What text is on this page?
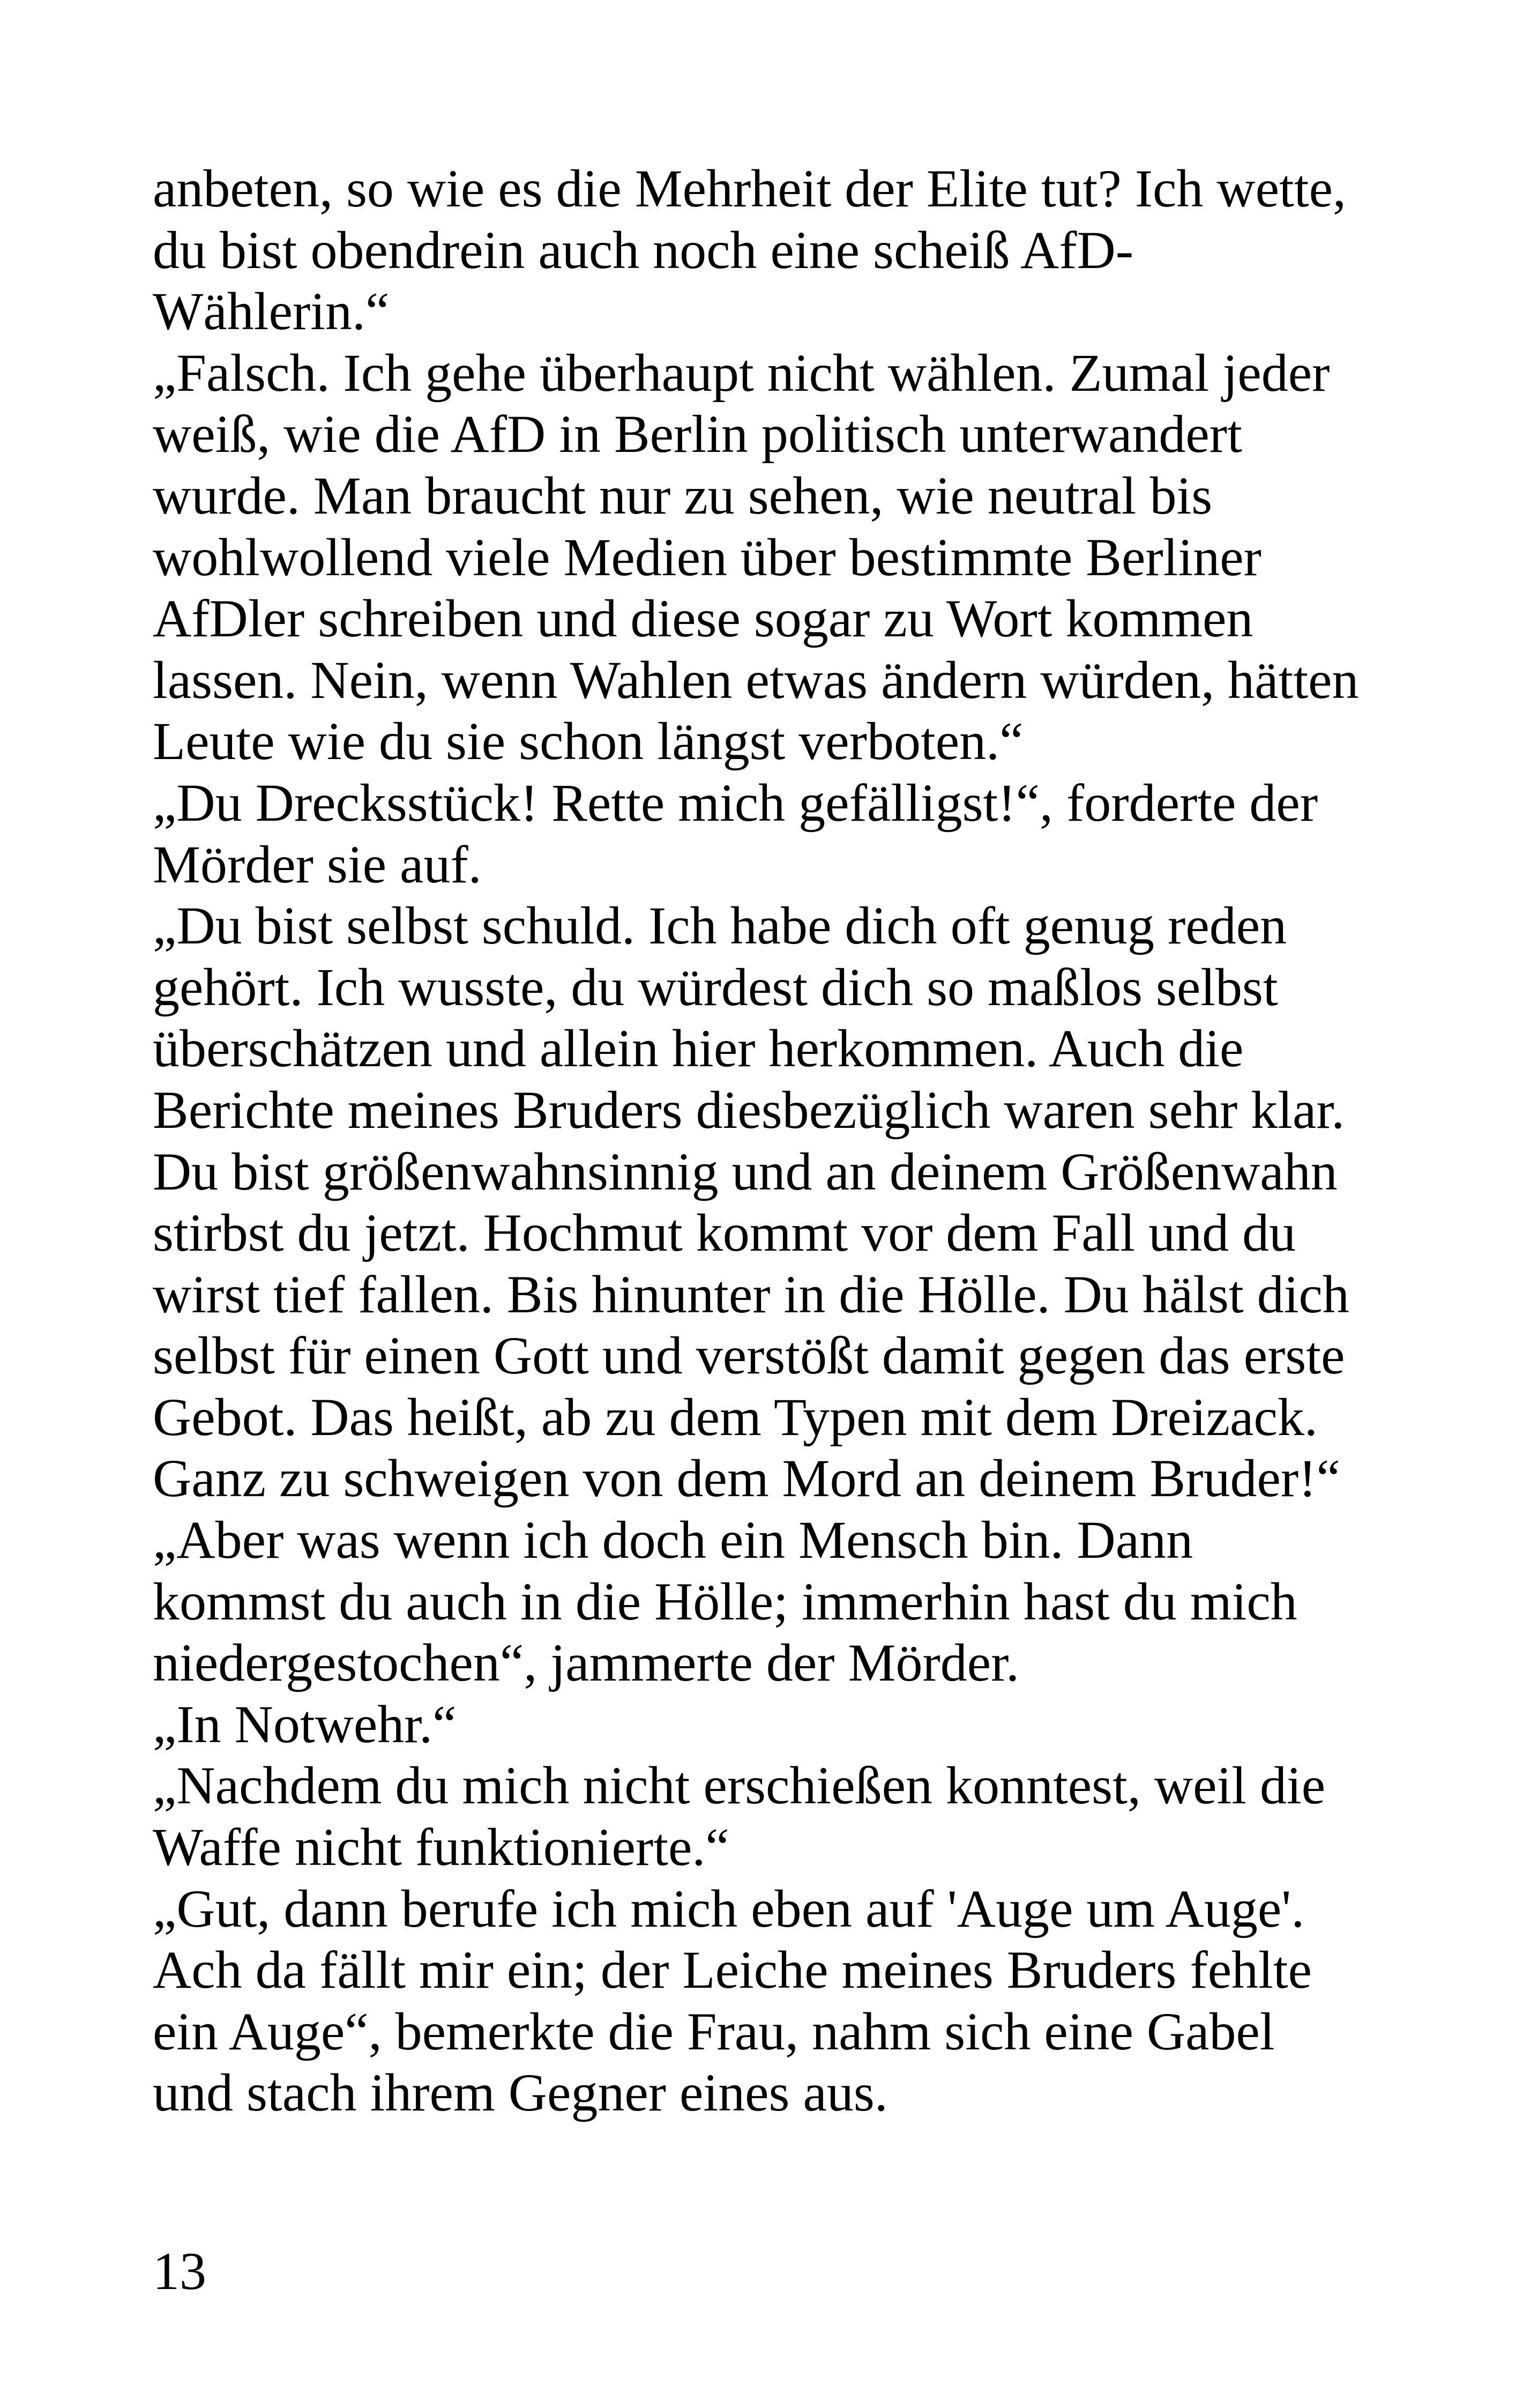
anbeten, so wie es die Mehrheit der Elite tut? Ich wette,
du bist obendrein auch noch eine scheiß AfD-
Wählerin.“
„Falsch. Ich gehe überhaupt nicht wählen. Zumal jeder
weiß, wie die AfD in Berlin politisch unterwandert
wurde. Man braucht nur zu sehen, wie neutral bis
wohlwollend viele Medien über bestimmte Berliner
AfDler schreiben und diese sogar zu Wort kommen
lassen. Nein, wenn Wahlen etwas ändern würden, hätten
Leute wie du sie schon längst verboten.“
„Du Drecksstück! Rette mich gefälligst!“, forderte der
Mörder sie auf.
„Du bist selbst schuld. Ich habe dich oft genug reden
gehört. Ich wusste, du würdest dich so maßlos selbst
überschätzen und allein hier herkommen. Auch die
Berichte meines Bruders diesbezüglich waren sehr klar.
Du bist größenwahnsinnig und an deinem Größenwahn
stirbst du jetzt. Hochmut kommt vor dem Fall und du
wirst tief fallen. Bis hinunter in die Hölle. Du hälst dich
selbst für einen Gott und verstößt damit gegen das erste
Gebot. Das heißt, ab zu dem Typen mit dem Dreizack.
Ganz zu schweigen von dem Mord an deinem Bruder!“
„Aber was wenn ich doch ein Mensch bin. Dann
kommst du auch in die Hölle; immerhin hast du mich
niedergestochen“, jammerte der Mörder.
„In Notwehr.“
„Nachdem du mich nicht erschießen konntest, weil die
Waffe nicht funktionierte.“
„Gut, dann berufe ich mich eben auf 'Auge um Auge'.
Ach da fällt mir ein; der Leiche meines Bruders fehlte
ein Auge“, bemerkte die Frau, nahm sich eine Gabel
und stach ihrem Gegner eines aus.
13
